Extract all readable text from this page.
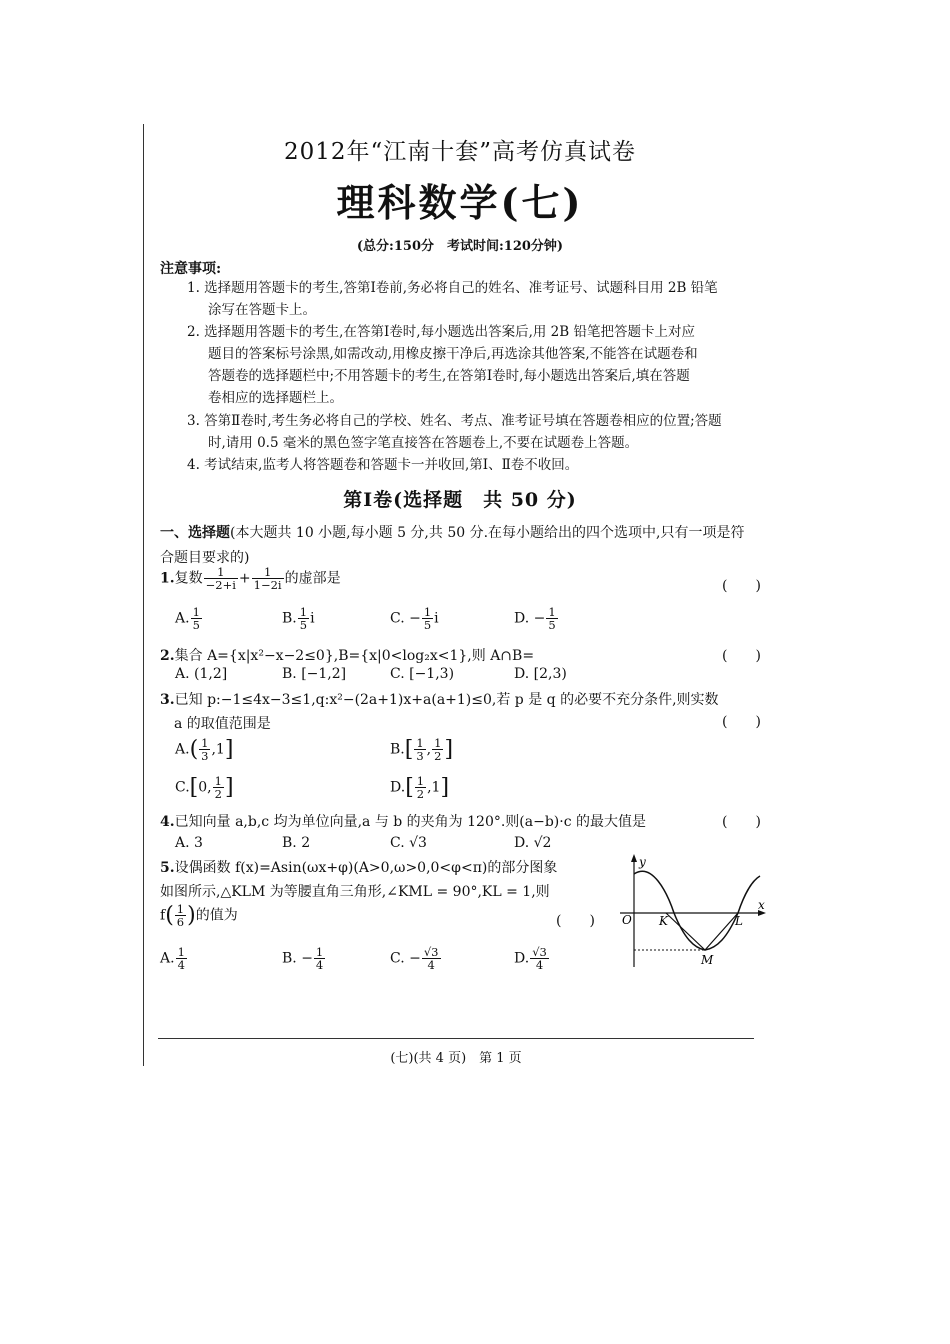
2012年“江南十套”高考仿真试卷
理科数学(七)
(总分:150分　考试时间:120分钟)
注意事项:
1. 选择题用答题卡的考生,答第Ⅰ卷前,务必将自己的姓名、准考证号、试题科目用 2B 铅笔
涂写在答题卡上。
2. 选择题用答题卡的考生,在答第Ⅰ卷时,每小题选出答案后,用 2B 铅笔把答题卡上对应
题目的答案标号涂黑,如需改动,用橡皮擦干净后,再选涂其他答案,不能答在试题卷和
答题卷的选择题栏中;不用答题卡的考生,在答第Ⅰ卷时,每小题选出答案后,填在答题
卷相应的选择题栏上。
3. 答第Ⅱ卷时,考生务必将自己的学校、姓名、考点、准考证号填在答题卷相应的位置;答题
时,请用 0.5 毫米的黑色签字笔直接答在答题卷上,不要在试题卷上答题。
4. 考试结束,监考人将答题卷和答题卡一并收回,第Ⅰ、Ⅱ卷不收回。
第Ⅰ卷(选择题　共 50 分)
一、选择题(本大题共 10 小题,每小题 5 分,共 50 分.在每小题给出的四个选项中,只有一项是符
合题目要求的)
1.复数 $\frac{1}{-2+i} + \frac{1}{1-2i}$ 的虚部是	(　　)
A. $\frac{1}{5}$	B. $\frac{1}{5}$ i	C. − $\frac{1}{5}$ i	D. − $\frac{1}{5}$
2.集合 A={x|x²−x−2≤0},B={x|0<log₂x<1},则 A∩B=	(　　)
A. (1,2]	B. [−1,2]	C. [−1,3)	D. [2,3)
3.已知 p:−1≤4x−3≤1,q:x²−(2a+1)x+a(a+1)≤0,若 p 是 q 的必要不充分条件,则实数
a 的取值范围是	(　　)
$A.( \frac{1}{3} ,1]$	$B.[ \frac{1}{3}$ , $\frac{1}{2}$ ]
C.[0, $\frac{1}{2}$ ]	$D.[ \frac{1}{2} ,1]$
4.已知向量 a,b,c 均为单位向量,a 与 b 的夹角为 120°.则(a−b)·c 的最大值是	(　　)
A. 3	B. 2	C. √3	D. √2
5.设偶函数 f(x)=Asin(ωx+φ)(A>0,ω>0,0<φ<π)的部分图象
如图所示,△KLM 为等腰直角三角形,∠KML = 90°,KL = 1,则
$f( \frac{1}{6}$ )的值为	(　　)
A. $\frac{1}{4}$	B. − $\frac{1}{4}$	C. − $\frac{√3}{4}$	D. $\frac{√3}{4}$
y
x
O K	L
M
(七)(共 4 页)　第 1 页
